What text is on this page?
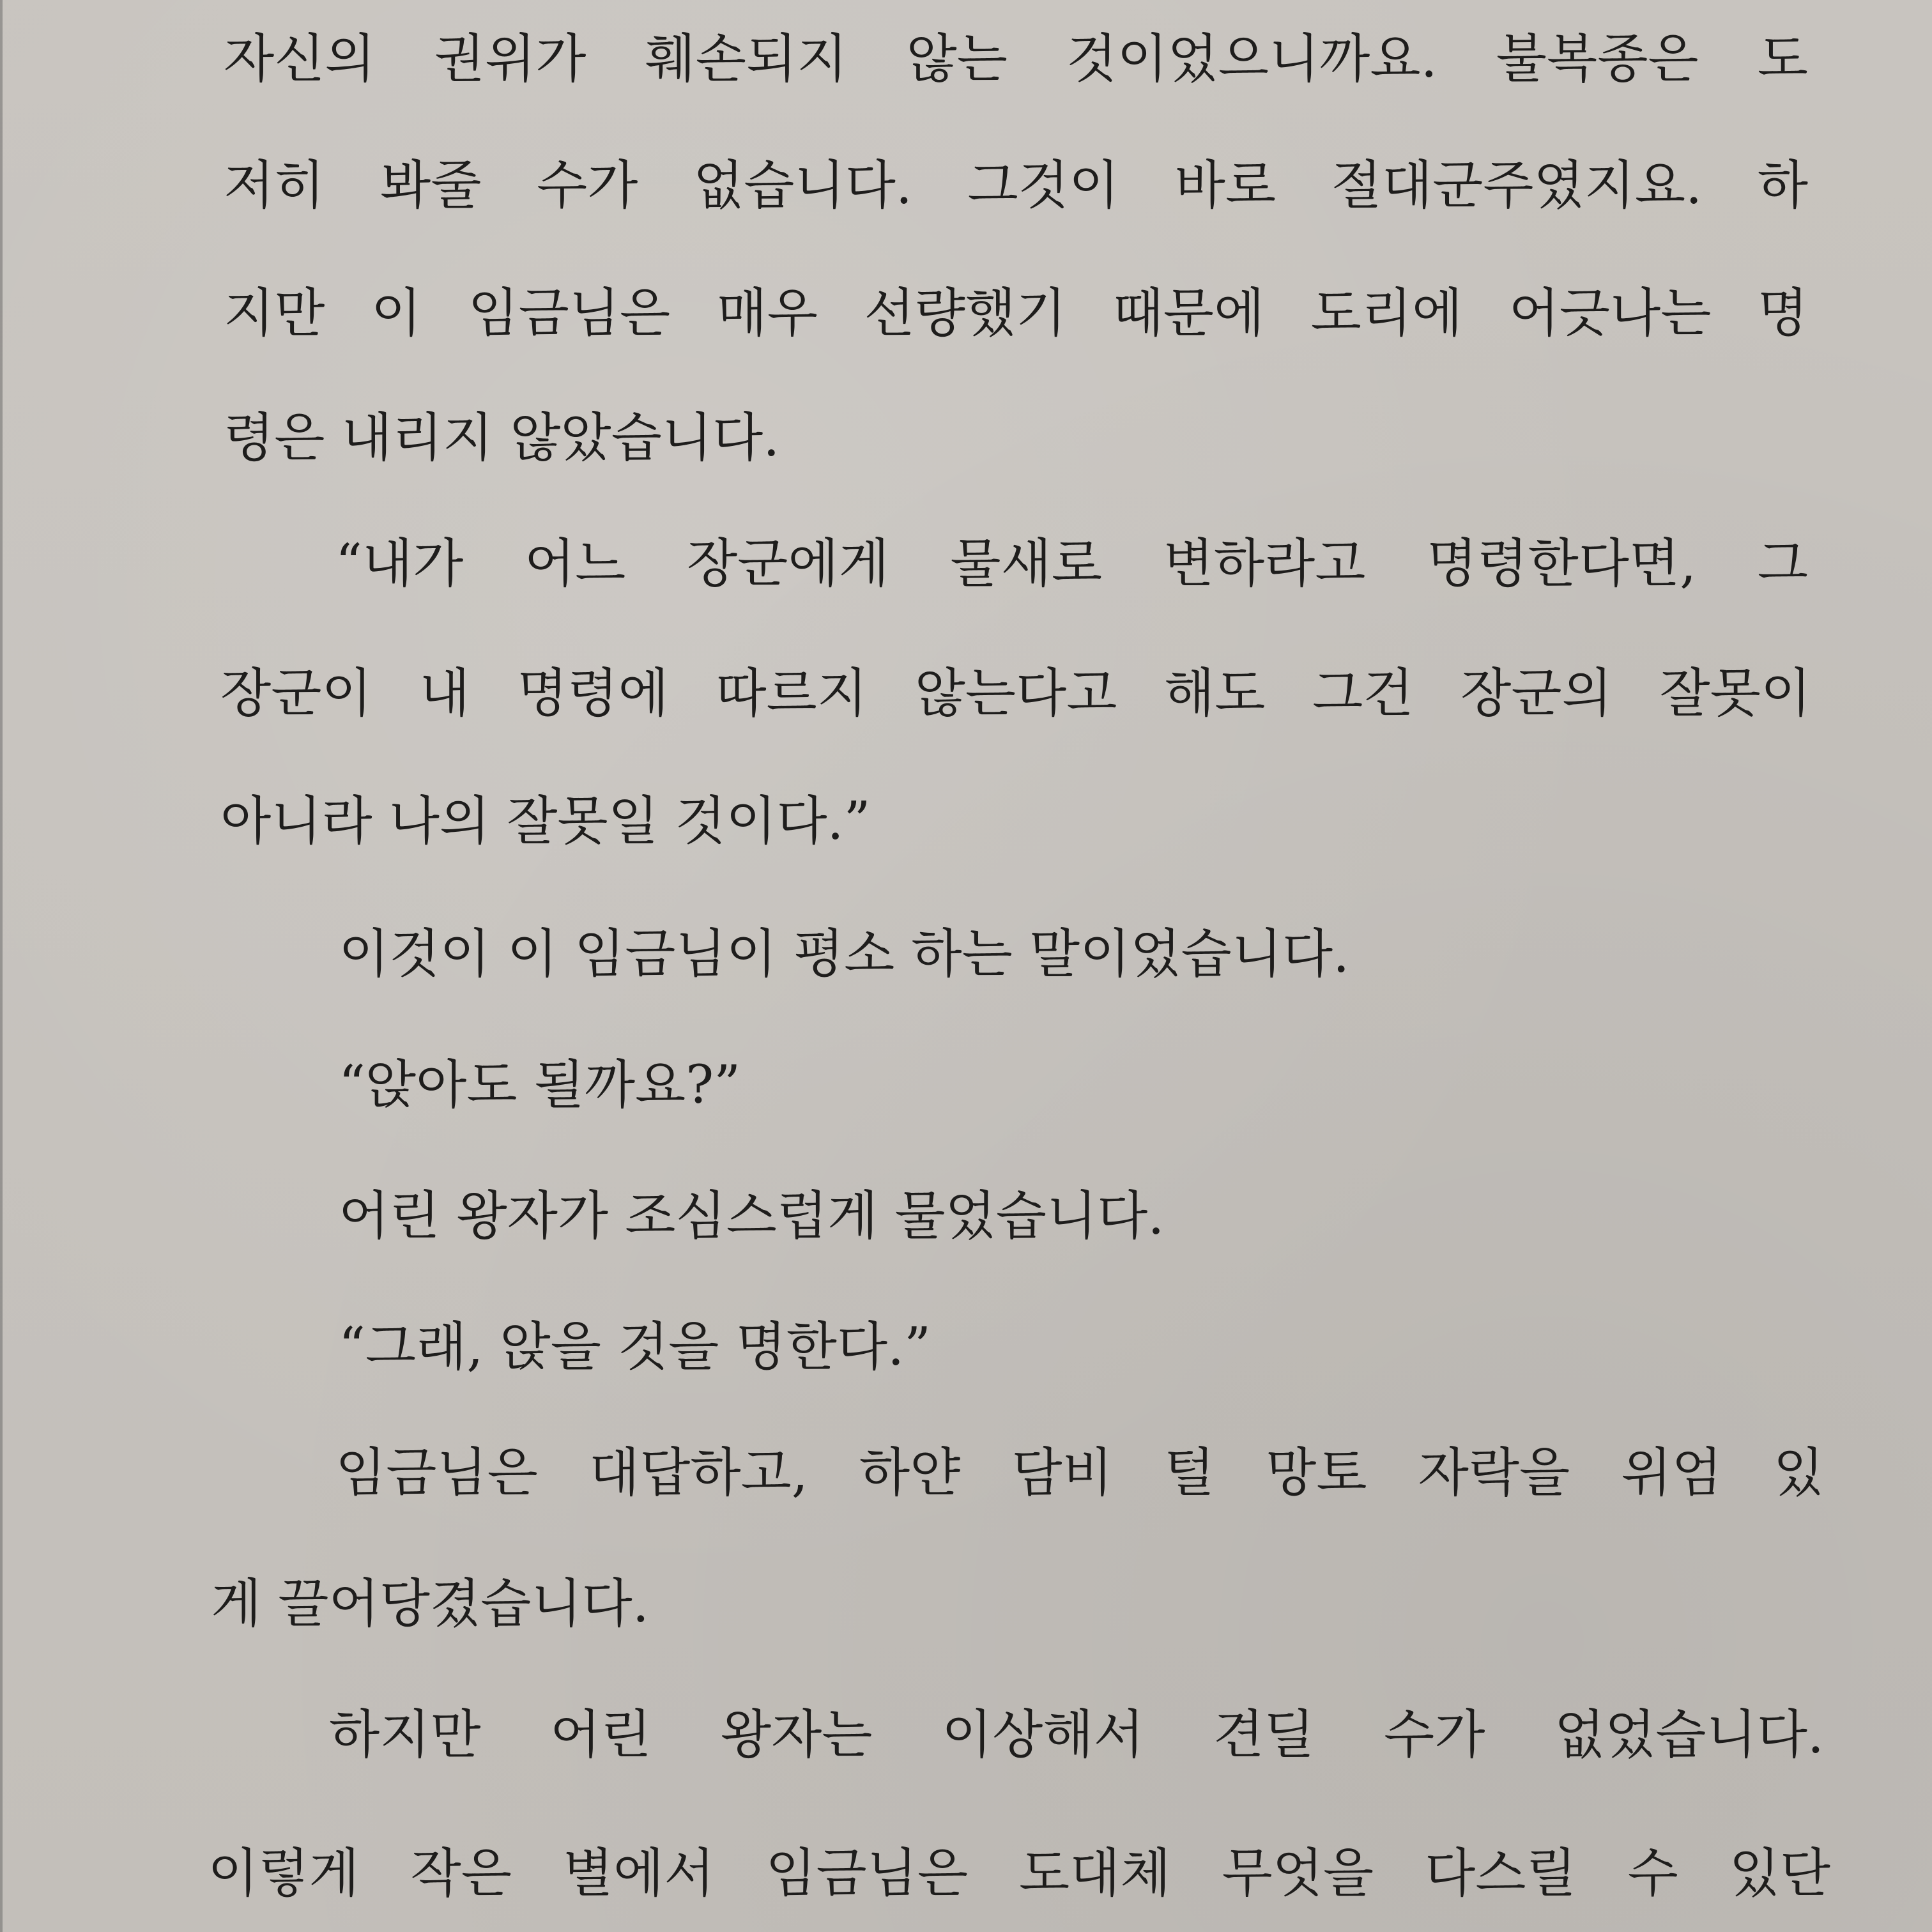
자신의 권위가 훼손되지 않는 것이었으니까요. 불복종은 도

저히 봐줄 수가 없습니다. 그것이 바로 절대군주였지요. 하

지만 이 임금님은 매우 선량했기 때문에 도리에 어긋나는 명

령은 내리지 않았습니다.

“내가 어느 장군에게 물새로 변하라고 명령한다면, 그

장군이 내 명령에 따르지 않는다고 해도 그건 장군의 잘못이

아니라 나의 잘못일 것이다.”

이것이 이 임금님이 평소 하는 말이었습니다.

“앉아도 될까요?”

어린 왕자가 조심스럽게 물었습니다.

“그래, 앉을 것을 명한다.”

임금님은 대답하고, 하얀 담비 털 망토 자락을 위엄 있

게 끌어당겼습니다.

하지만 어린 왕자는 이상해서 견딜 수가 없었습니다.

이렇게 작은 별에서 임금님은 도대체 무엇을 다스릴 수 있단
